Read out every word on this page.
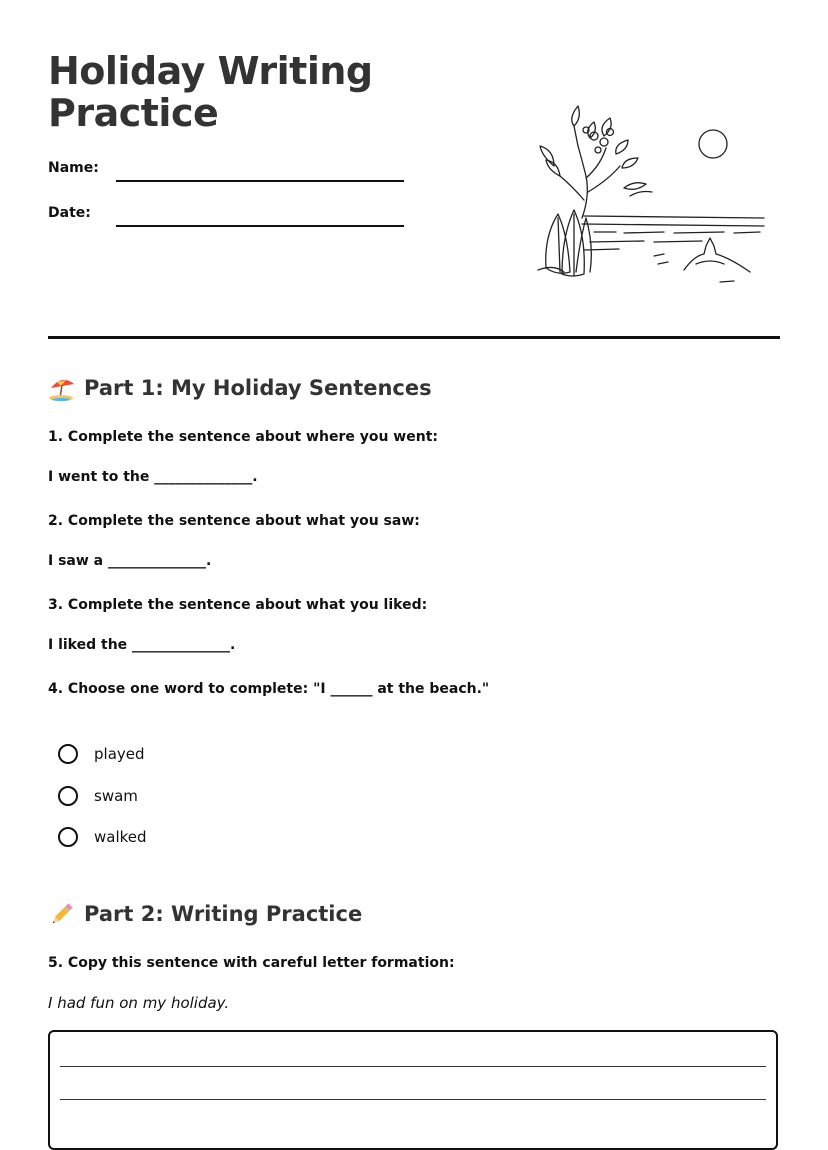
Holiday Writing Practice
Name:
Date:
Part 1: My Holiday Sentences
1. Complete the sentence about where you went:
I went to the ______________.
2. Complete the sentence about what you saw:
I saw a ______________.
3. Complete the sentence about what you liked:
I liked the ______________.
4. Choose one word to complete: "I ______ at the beach."
played
swam
walked
Part 2: Writing Practice
5. Copy this sentence with careful letter formation:
I had fun on my holiday.
